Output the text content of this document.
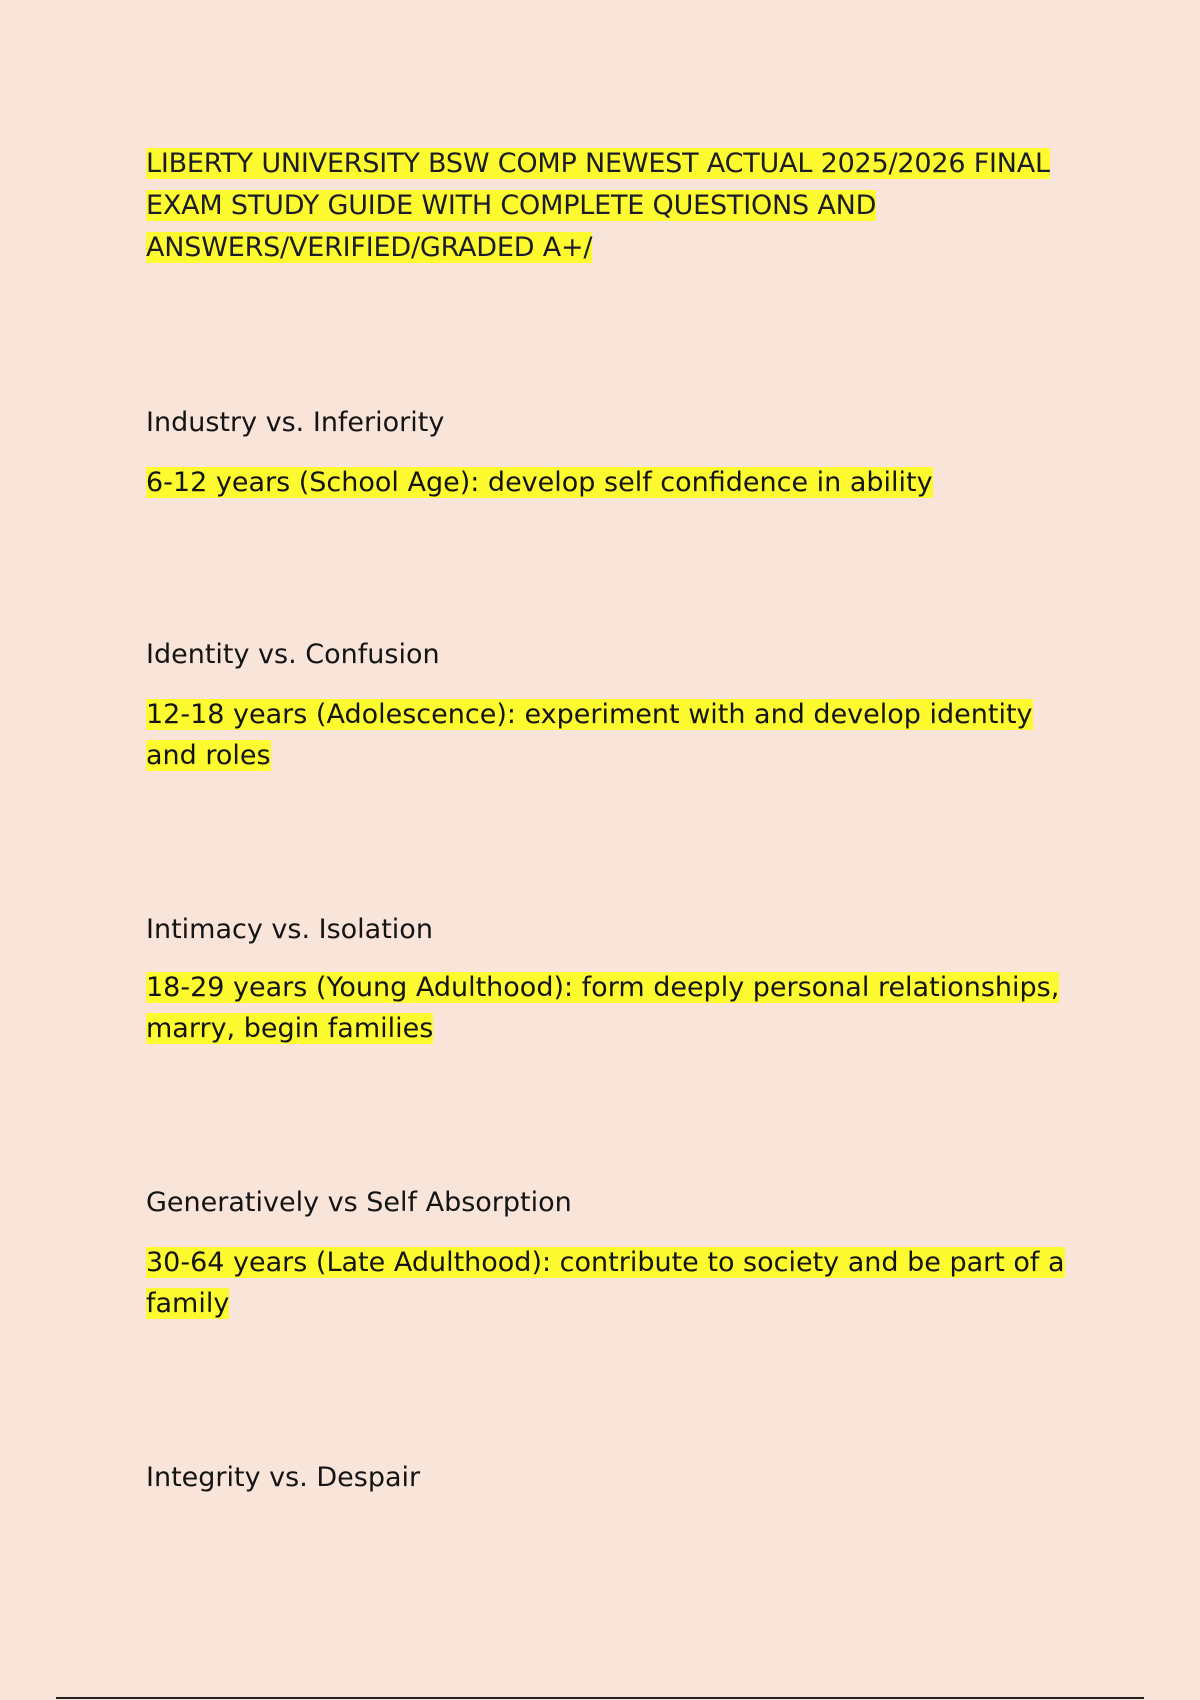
LIBERTY UNIVERSITY BSW COMP NEWEST ACTUAL 2025/2026 FINAL EXAM STUDY GUIDE WITH COMPLETE QUESTIONS AND ANSWERS/VERIFIED/GRADED A+/

Industry vs. Inferiority

6-12 years (School Age): develop self confidence in ability

Identity vs. Confusion

12-18 years (Adolescence): experiment with and develop identity and roles

Intimacy vs. Isolation

18-29 years (Young Adulthood): form deeply personal relationships, marry, begin families

Generatively vs Self Absorption

30-64 years (Late Adulthood): contribute to society and be part of a family

Integrity vs. Despair
